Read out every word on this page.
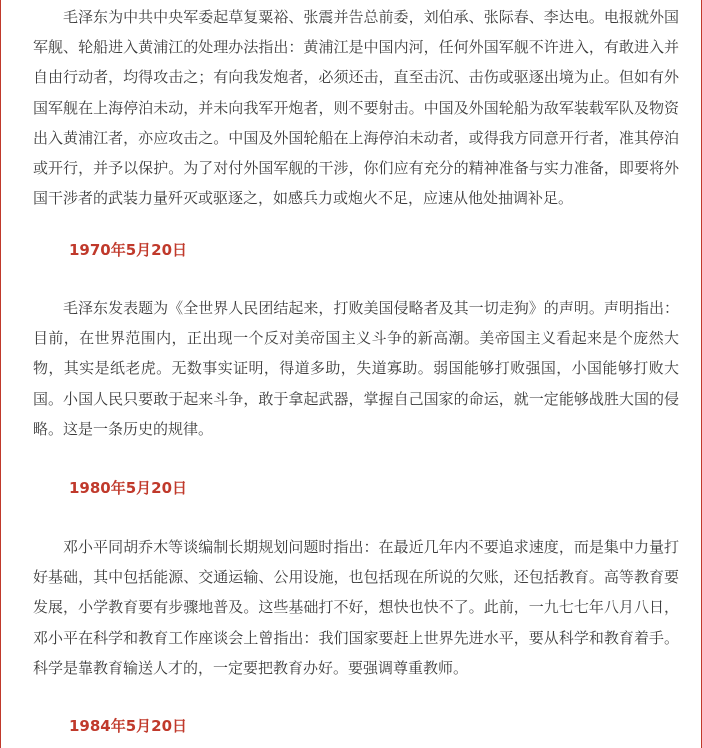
毛泽东为中共中央军委起草复粟裕、张震并告总前委，刘伯承、张际春、李达电。电报就外国军舰、轮船进入黄浦江的处理办法指出：黄浦江是中国内河，任何外国军舰不许进入，有敢进入并自由行动者，均得攻击之；有向我发炮者，必须还击，直至击沉、击伤或驱逐出境为止。但如有外国军舰在上海停泊未动，并未向我军开炮者，则不要射击。中国及外国轮船为敌军装载军队及物资出入黄浦江者，亦应攻击之。中国及外国轮船在上海停泊未动者，或得我方同意开行者，准其停泊或开行，并予以保护。为了对付外国军舰的干涉，你们应有充分的精神准备与实力准备，即要将外国干涉者的武装力量歼灭或驱逐之，如感兵力或炮火不足，应速从他处抽调补足。

1970年5月20日

毛泽东发表题为《全世界人民团结起来，打败美国侵略者及其一切走狗》的声明。声明指出：目前，在世界范围内，正出现一个反对美帝国主义斗争的新高潮。美帝国主义看起来是个庞然大物，其实是纸老虎。无数事实证明，得道多助，失道寡助。弱国能够打败强国，小国能够打败大国。小国人民只要敢于起来斗争，敢于拿起武器，掌握自己国家的命运，就一定能够战胜大国的侵略。这是一条历史的规律。

1980年5月20日

邓小平同胡乔木等谈编制长期规划问题时指出：在最近几年内不要追求速度，而是集中力量打好基础，其中包括能源、交通运输、公用设施，也包括现在所说的欠账，还包括教育。高等教育要发展，小学教育要有步骤地普及。这些基础打不好，想快也快不了。此前，一九七七年八月八日，邓小平在科学和教育工作座谈会上曾指出：我们国家要赶上世界先进水平，要从科学和教育着手。科学是靠教育输送人才的，一定要把教育办好。要强调尊重教师。

1984年5月20日
